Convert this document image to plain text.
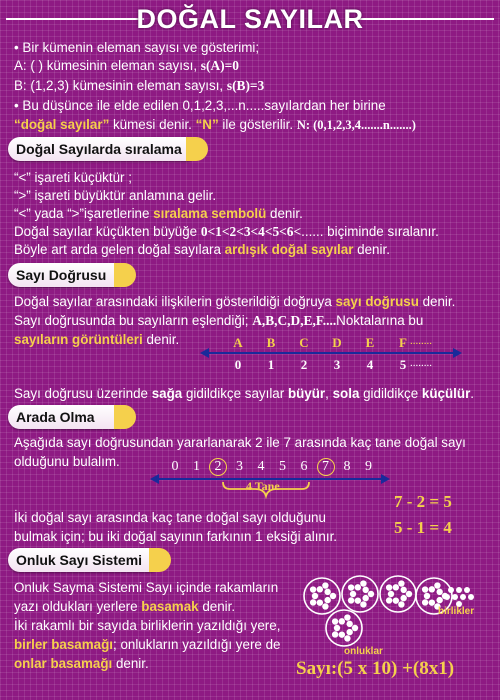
DOĞAL SAYILAR
• Bir kümenin eleman sayısı ve gösterimi;
A: ( ) kümesinin eleman sayısı, s(A)=0
B: (1,2,3) kümesinin eleman sayısı, s(B)=3
• Bu düşünce ile elde edilen 0,1,2,3,...n.....sayılardan her birine
“doğal sayılar” kümesi denir. “N” ile gösterilir. N: (0,1,2,3,4.......n.......)
Doğal Sayılarda sıralama
“<” işareti küçüktür ;
“>” işareti büyüktür anlamına gelir.
“<” yada “>”işaretlerine sıralama sembolü denir.
Doğal sayılar küçükten büyüğe 0<1<2<3<4<5<6<...... biçiminde sıralanır.
Böyle art arda gelen doğal sayılara ardışık doğal sayılar denir.
Sayı Doğrusu
Doğal sayılar arasındaki ilişkilerin gösterildiği doğruya sayı doğrusu denir.
Sayı doğrusunda bu sayıların eşlendiği; A,B,C,D,E,F....Noktalarına bu
sayıların görüntüleri denir.	........
........
Sayı doğrusu üzerinde sağa gidildikçe sayılar büyür, sola gidildikçe küçülür.
Arada Olma
Aşağıda sayı doğrusundan yararlanarak 2 ile 7 arasında kaç tane doğal sayı
olduğunu bulalım.
4 Tane
7 - 2 = 5
5 - 1 = 4
İki doğal sayı arasında kaç tane doğal sayı olduğunu
bulmak için; bu iki doğal sayının farkının 1 eksiği alınır.
Onluk Sayı Sistemi
Onluk Sayma Sistemi Sayı içinde rakamların
yazı oldukları yerlere basamak denir.
İki rakamlı bir sayıda birliklerin yazıldığı yere,
birler basamağı; onlukların yazıldığı yere de
onlar basamağı denir.
birlikler
onluklar
Sayı:(5 x 10) +(8x1)
A B C D E	F
0	1	2	3	4	5
0	1	2	3	4	5	6	7	8	9
